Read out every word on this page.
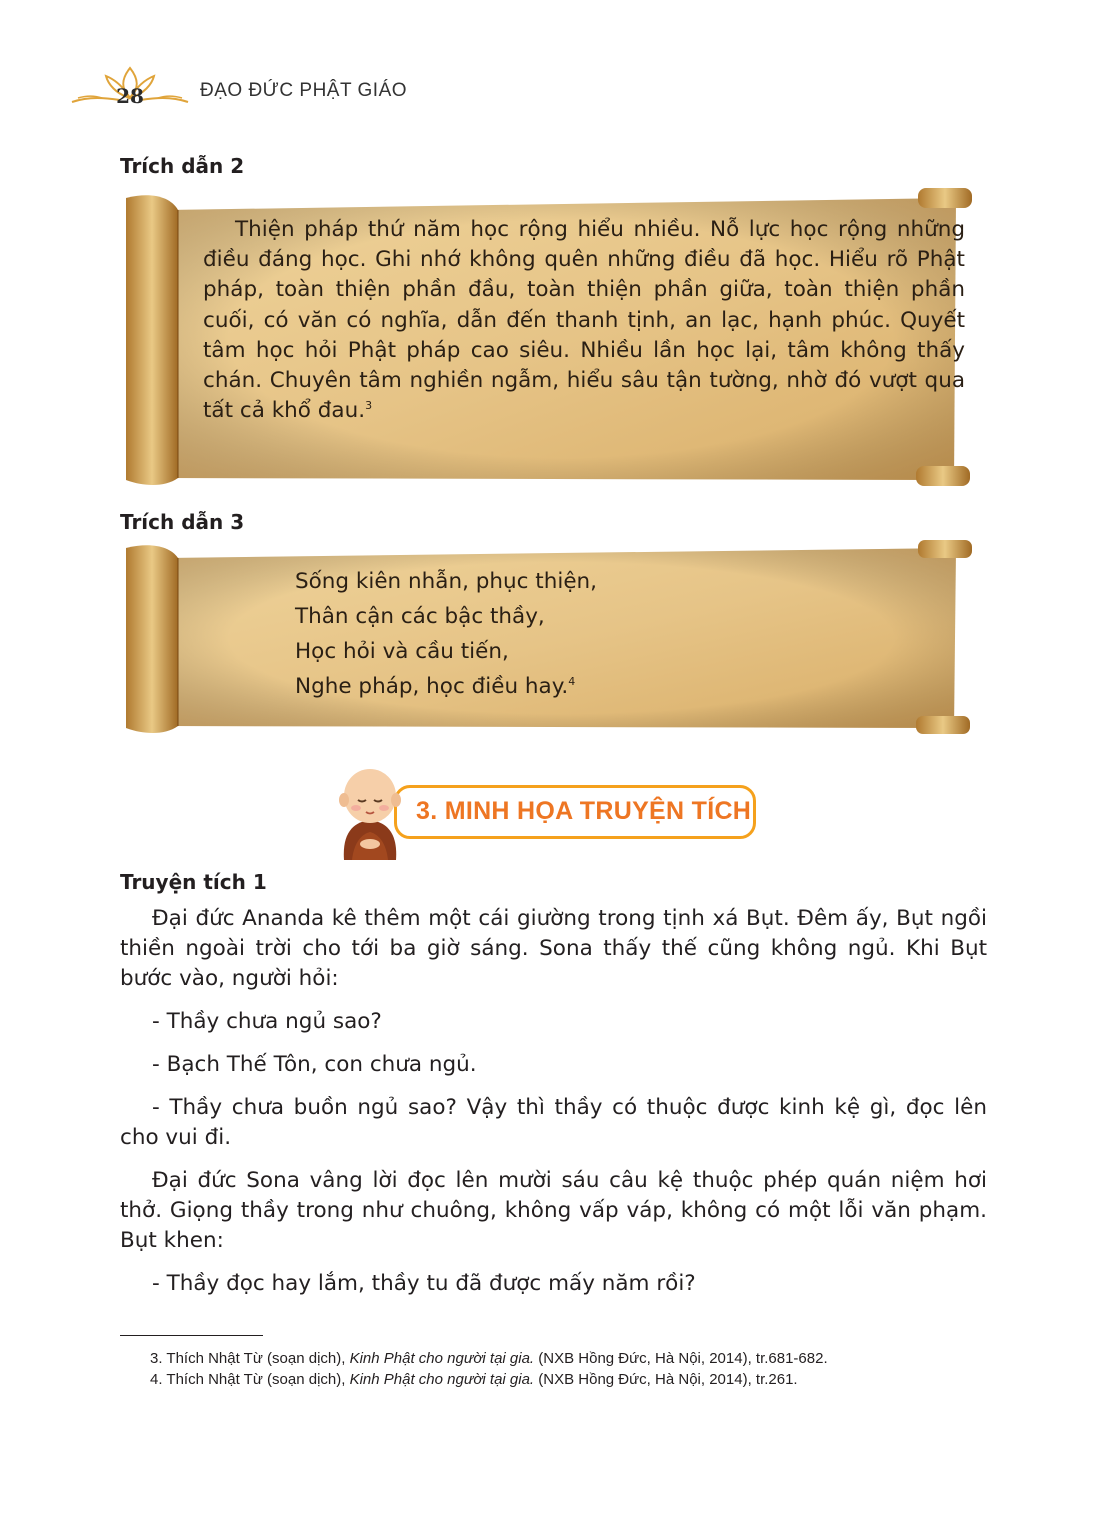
28	ĐẠO ĐỨC PHẬT GIÁO
Trích dẫn 2

Thiện pháp thứ năm học rộng hiểu nhiều. Nỗ lực học rộng những điều đáng học. Ghi nhớ không quên những điều đã học. Hiểu rõ Phật pháp, toàn thiện phần đầu, toàn thiện phần giữa, toàn thiện phần cuối, có văn có nghĩa, dẫn đến thanh tịnh, an lạc, hạnh phúc. Quyết tâm học hỏi Phật pháp cao siêu. Nhiều lần học lại, tâm không thấy chán. Chuyên tâm nghiền ngẫm, hiểu sâu tận tường, nhờ đó vượt qua tất cả khổ đau.$^3$

Trích dẫn 3
Sống kiên nhẫn, phục thiện,
Thân cận các bậc thầy,
Học hỏi và cầu tiến,
Nghe pháp, học điều hay.$^4$
3. MINH HỌA TRUYỆN TÍCH
Truyện tích 1

Đại đức Ananda kê thêm một cái giường trong tịnh xá Bụt. Đêm ấy, Bụt ngồi thiền ngoài trời cho tới ba giờ sáng. Sona thấy thế cũng không ngủ. Khi Bụt bước vào, người hỏi:

- Thầy chưa ngủ sao?

- Bạch Thế Tôn, con chưa ngủ.

- Thầy chưa buồn ngủ sao? Vậy thì thầy có thuộc được kinh kệ gì, đọc lên cho vui đi.

Đại đức Sona vâng lời đọc lên mười sáu câu kệ thuộc phép quán niệm hơi thở. Giọng thầy trong như chuông, không vấp váp, không có một lỗi văn phạm. Bụt khen:

- Thầy đọc hay lắm, thầy tu đã được mấy năm rồi?

3. Thích Nhật Từ (soạn dịch), Kinh Phật cho người tại gia. (NXB Hồng Đức, Hà Nội, 2014), tr.681-682.

4. Thích Nhật Từ (soạn dịch), Kinh Phật cho người tại gia. (NXB Hồng Đức, Hà Nội, 2014), tr.261.
